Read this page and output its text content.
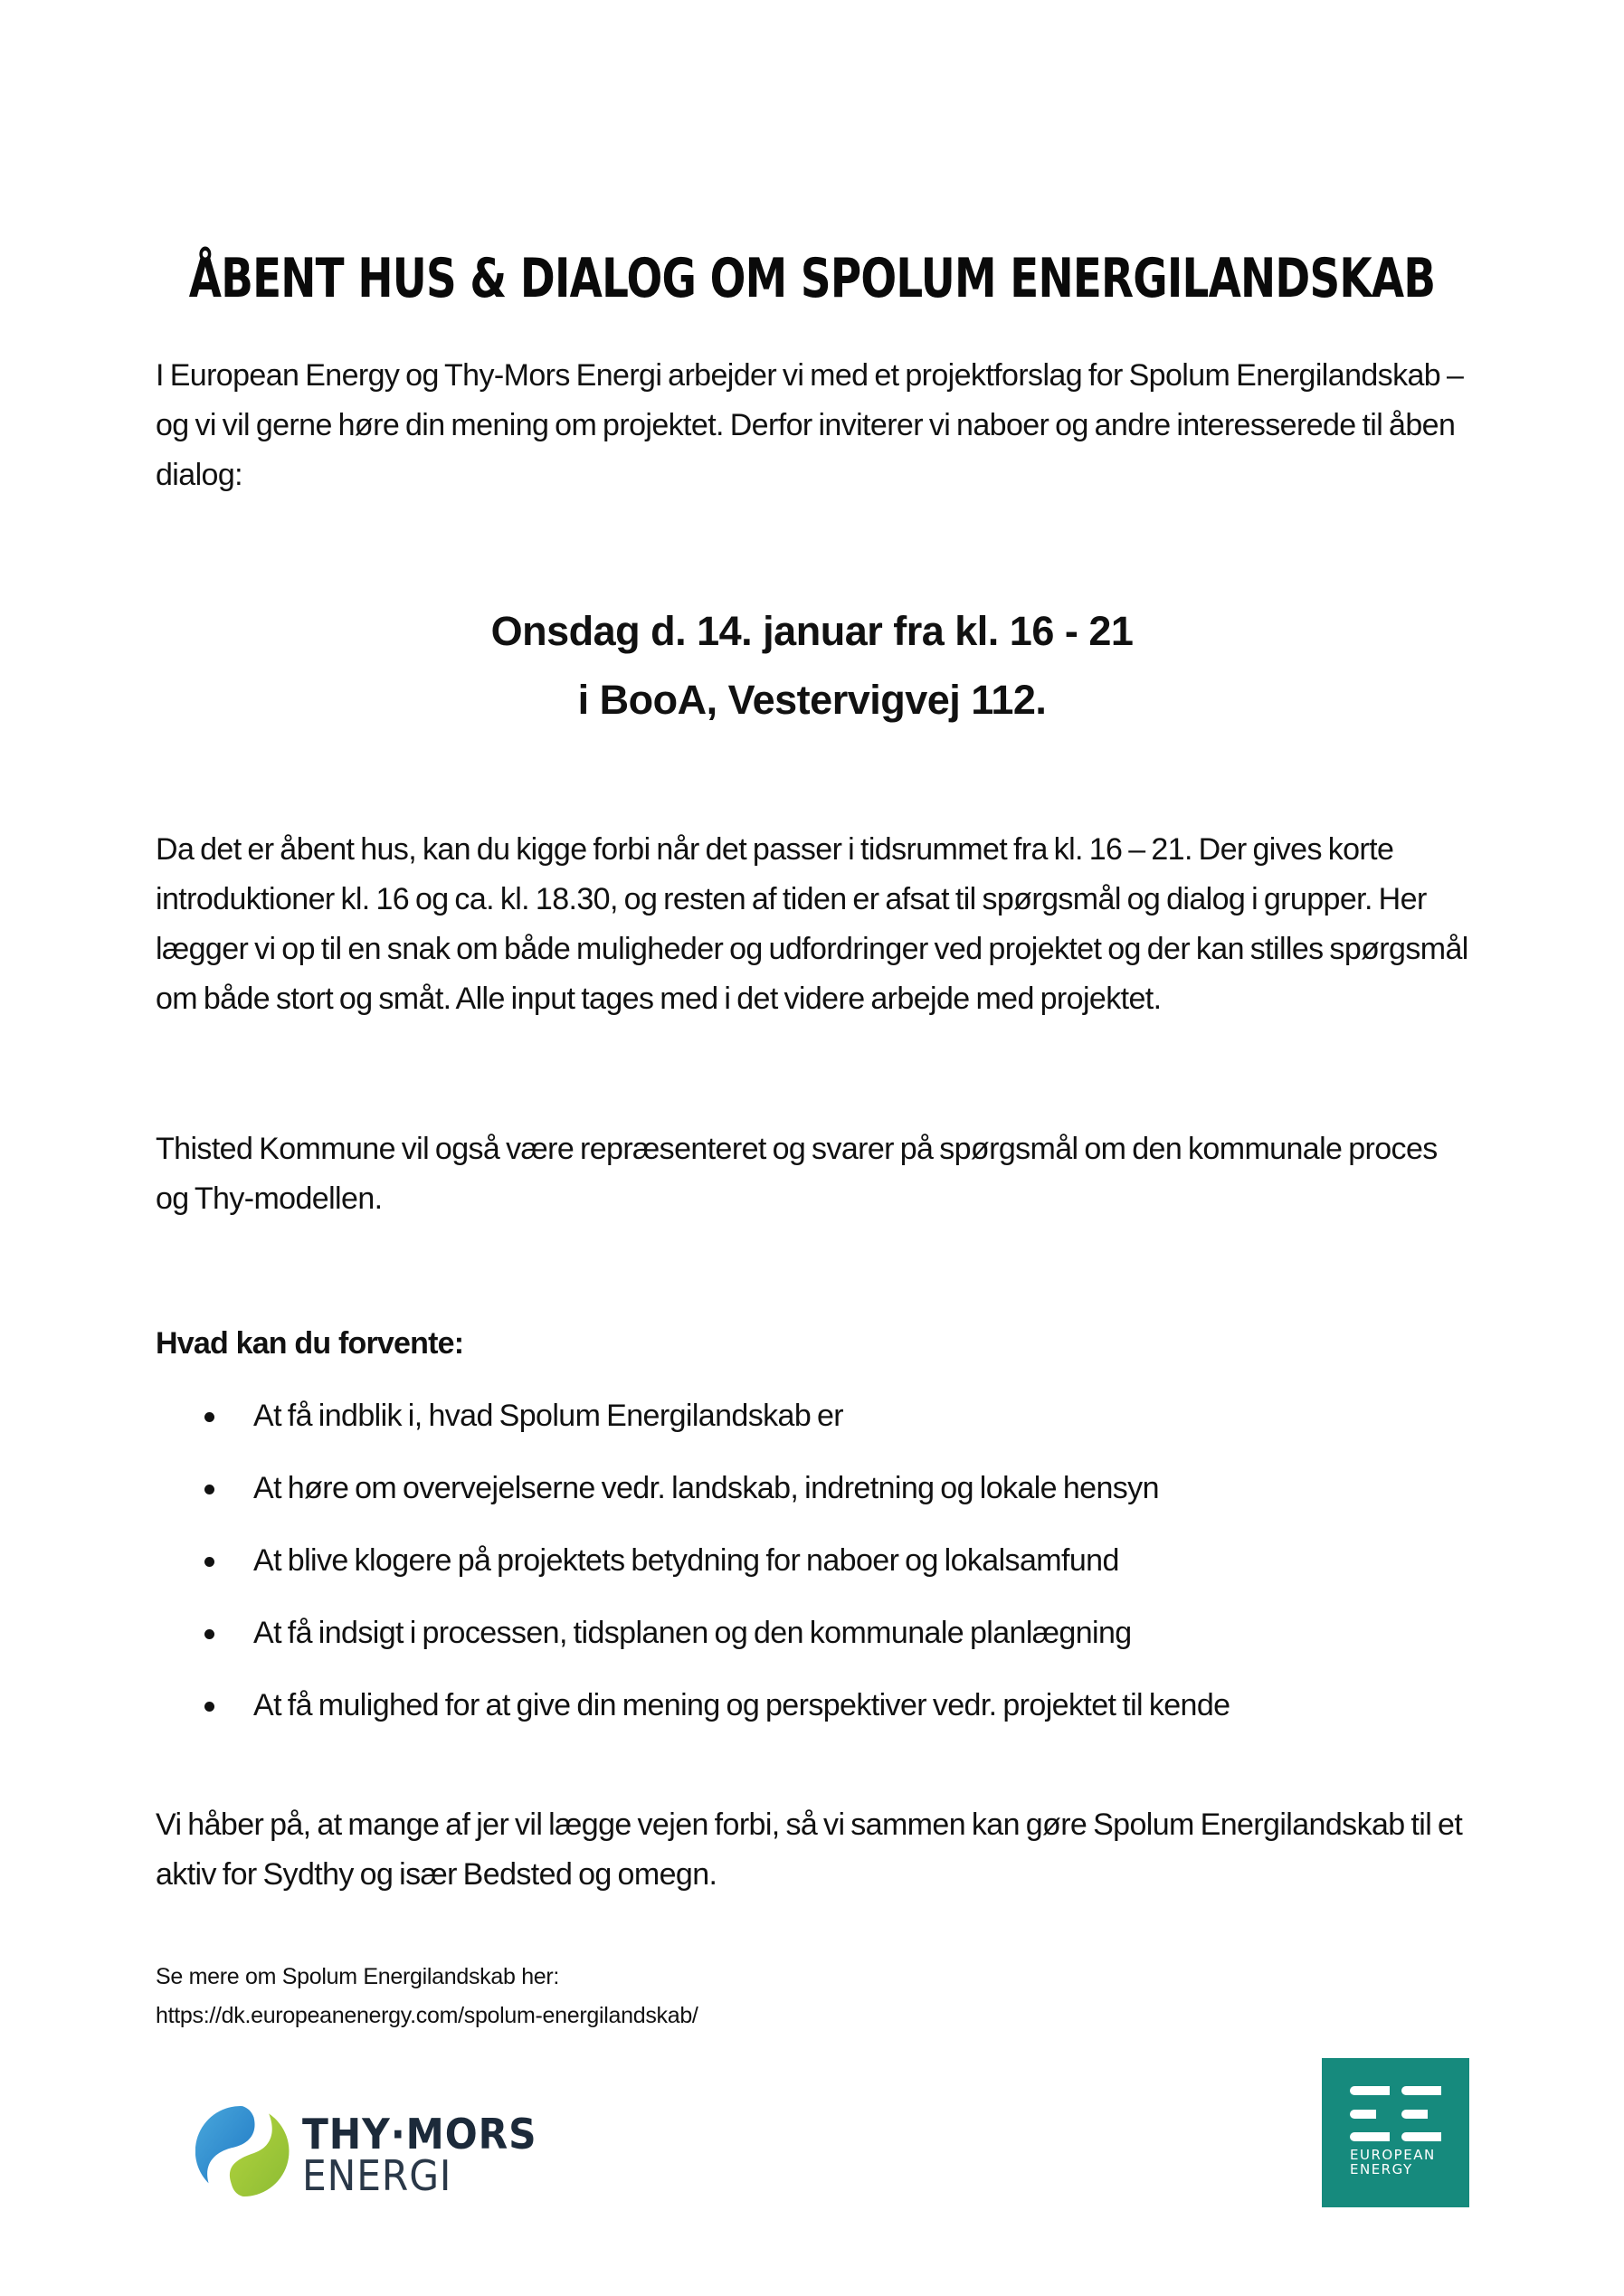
ÅBENT HUS & DIALOG OM SPOLUM ENERGILANDSKAB

I European Energy og Thy-Mors Energi arbejder vi med et projektforslag for Spolum Energilandskab – og vi vil gerne høre din mening om projektet. Derfor inviterer vi naboer og andre interesserede til åben dialog:

Onsdag d. 14. januar fra kl. 16 - 21
i BooA, Vestervigvej 112.

Da det er åbent hus, kan du kigge forbi når det passer i tidsrummet fra kl. 16 – 21. Der gives korte introduktioner kl. 16 og ca. kl. 18.30, og resten af tiden er afsat til spørgsmål og dialog i grupper. Her lægger vi op til en snak om både muligheder og udfordringer ved projektet og der kan stilles spørgsmål om både stort og småt. Alle input tages med i det videre arbejde med projektet.

Thisted Kommune vil også være repræsenteret og svarer på spørgsmål om den kommunale proces og Thy-modellen.

Hvad kan du forvente:
At få indblik i, hvad Spolum Energilandskab er
At høre om overvejelserne vedr. landskab, indretning og lokale hensyn
At blive klogere på projektets betydning for naboer og lokalsamfund
At få indsigt i processen, tidsplanen og den kommunale planlægning
At få mulighed for at give din mening og perspektiver vedr. projektet til kende

Vi håber på, at mange af jer vil lægge vejen forbi, så vi sammen kan gøre Spolum Energilandskab til et aktiv for Sydthy og især Bedsted og omegn.

Se mere om Spolum Energilandskab her:
https://dk.europeanenergy.com/spolum-energilandskab/
THY·MORS
ENERGI	EUROPEAN
ENERGY
